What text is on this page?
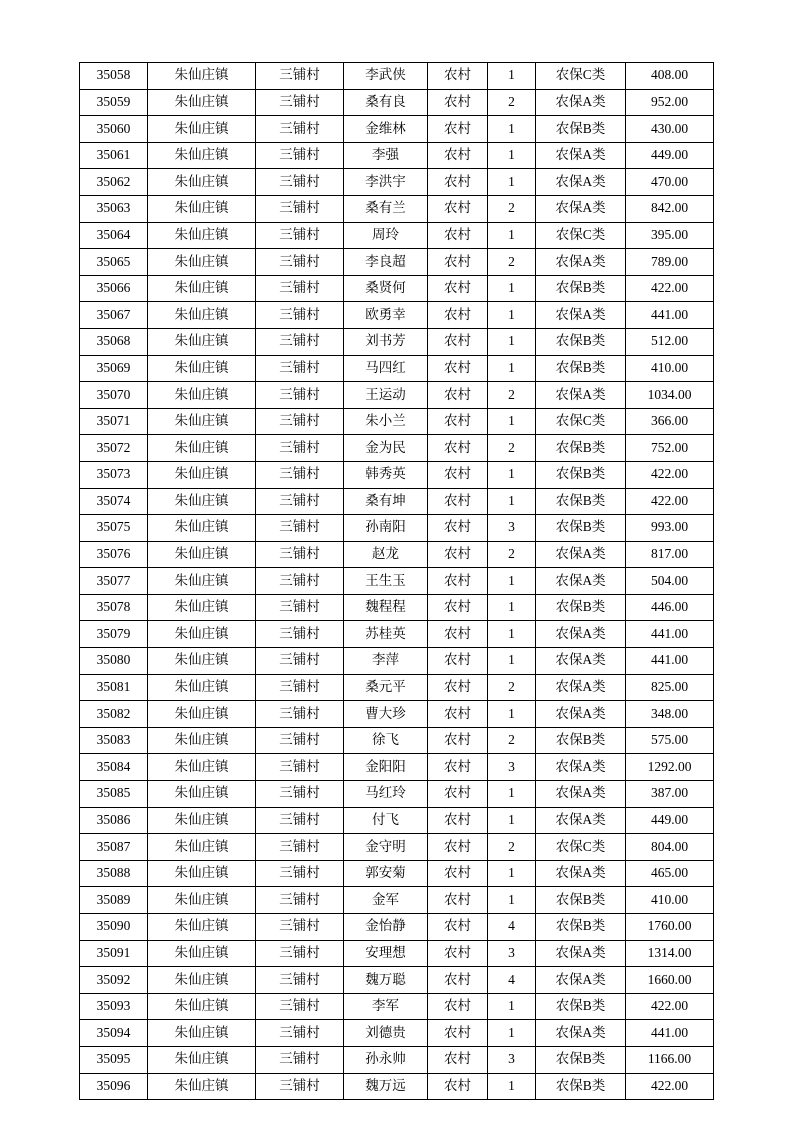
35058	朱仙庄镇	三铺村	李武侠	农村	1	农保C类	408.00
35059	朱仙庄镇	三铺村	桑有良	农村	2	农保A类	952.00
35060	朱仙庄镇	三铺村	金维林	农村	1	农保B类	430.00
35061	朱仙庄镇	三铺村	李强	农村	1	农保A类	449.00
35062	朱仙庄镇	三铺村	李洪宇	农村	1	农保A类	470.00
35063	朱仙庄镇	三铺村	桑有兰	农村	2	农保A类	842.00
35064	朱仙庄镇	三铺村	周玲	农村	1	农保C类	395.00
35065	朱仙庄镇	三铺村	李良超	农村	2	农保A类	789.00
35066	朱仙庄镇	三铺村	桑贤何	农村	1	农保B类	422.00
35067	朱仙庄镇	三铺村	欧勇幸	农村	1	农保A类	441.00
35068	朱仙庄镇	三铺村	刘书芳	农村	1	农保B类	512.00
35069	朱仙庄镇	三铺村	马四红	农村	1	农保B类	410.00
35070	朱仙庄镇	三铺村	王运动	农村	2	农保A类	1034.00
35071	朱仙庄镇	三铺村	朱小兰	农村	1	农保C类	366.00
35072	朱仙庄镇	三铺村	金为民	农村	2	农保B类	752.00
35073	朱仙庄镇	三铺村	韩秀英	农村	1	农保B类	422.00
35074	朱仙庄镇	三铺村	桑有坤	农村	1	农保B类	422.00
35075	朱仙庄镇	三铺村	孙南阳	农村	3	农保B类	993.00
35076	朱仙庄镇	三铺村	赵龙	农村	2	农保A类	817.00
35077	朱仙庄镇	三铺村	王生玉	农村	1	农保A类	504.00
35078	朱仙庄镇	三铺村	魏程程	农村	1	农保B类	446.00
35079	朱仙庄镇	三铺村	苏桂英	农村	1	农保A类	441.00
35080	朱仙庄镇	三铺村	李萍	农村	1	农保A类	441.00
35081	朱仙庄镇	三铺村	桑元平	农村	2	农保A类	825.00
35082	朱仙庄镇	三铺村	曹大珍	农村	1	农保A类	348.00
35083	朱仙庄镇	三铺村	徐飞	农村	2	农保B类	575.00
35084	朱仙庄镇	三铺村	金阳阳	农村	3	农保A类	1292.00
35085	朱仙庄镇	三铺村	马红玲	农村	1	农保A类	387.00
35086	朱仙庄镇	三铺村	付飞	农村	1	农保A类	449.00
35087	朱仙庄镇	三铺村	金守明	农村	2	农保C类	804.00
35088	朱仙庄镇	三铺村	郭安菊	农村	1	农保A类	465.00
35089	朱仙庄镇	三铺村	金军	农村	1	农保B类	410.00
35090	朱仙庄镇	三铺村	金怡静	农村	4	农保B类	1760.00
35091	朱仙庄镇	三铺村	安理想	农村	3	农保A类	1314.00
35092	朱仙庄镇	三铺村	魏万聪	农村	4	农保A类	1660.00
35093	朱仙庄镇	三铺村	李军	农村	1	农保B类	422.00
35094	朱仙庄镇	三铺村	刘德贵	农村	1	农保A类	441.00
35095	朱仙庄镇	三铺村	孙永帅	农村	3	农保B类	1166.00
35096	朱仙庄镇	三铺村	魏万远	农村	1	农保B类	422.00
